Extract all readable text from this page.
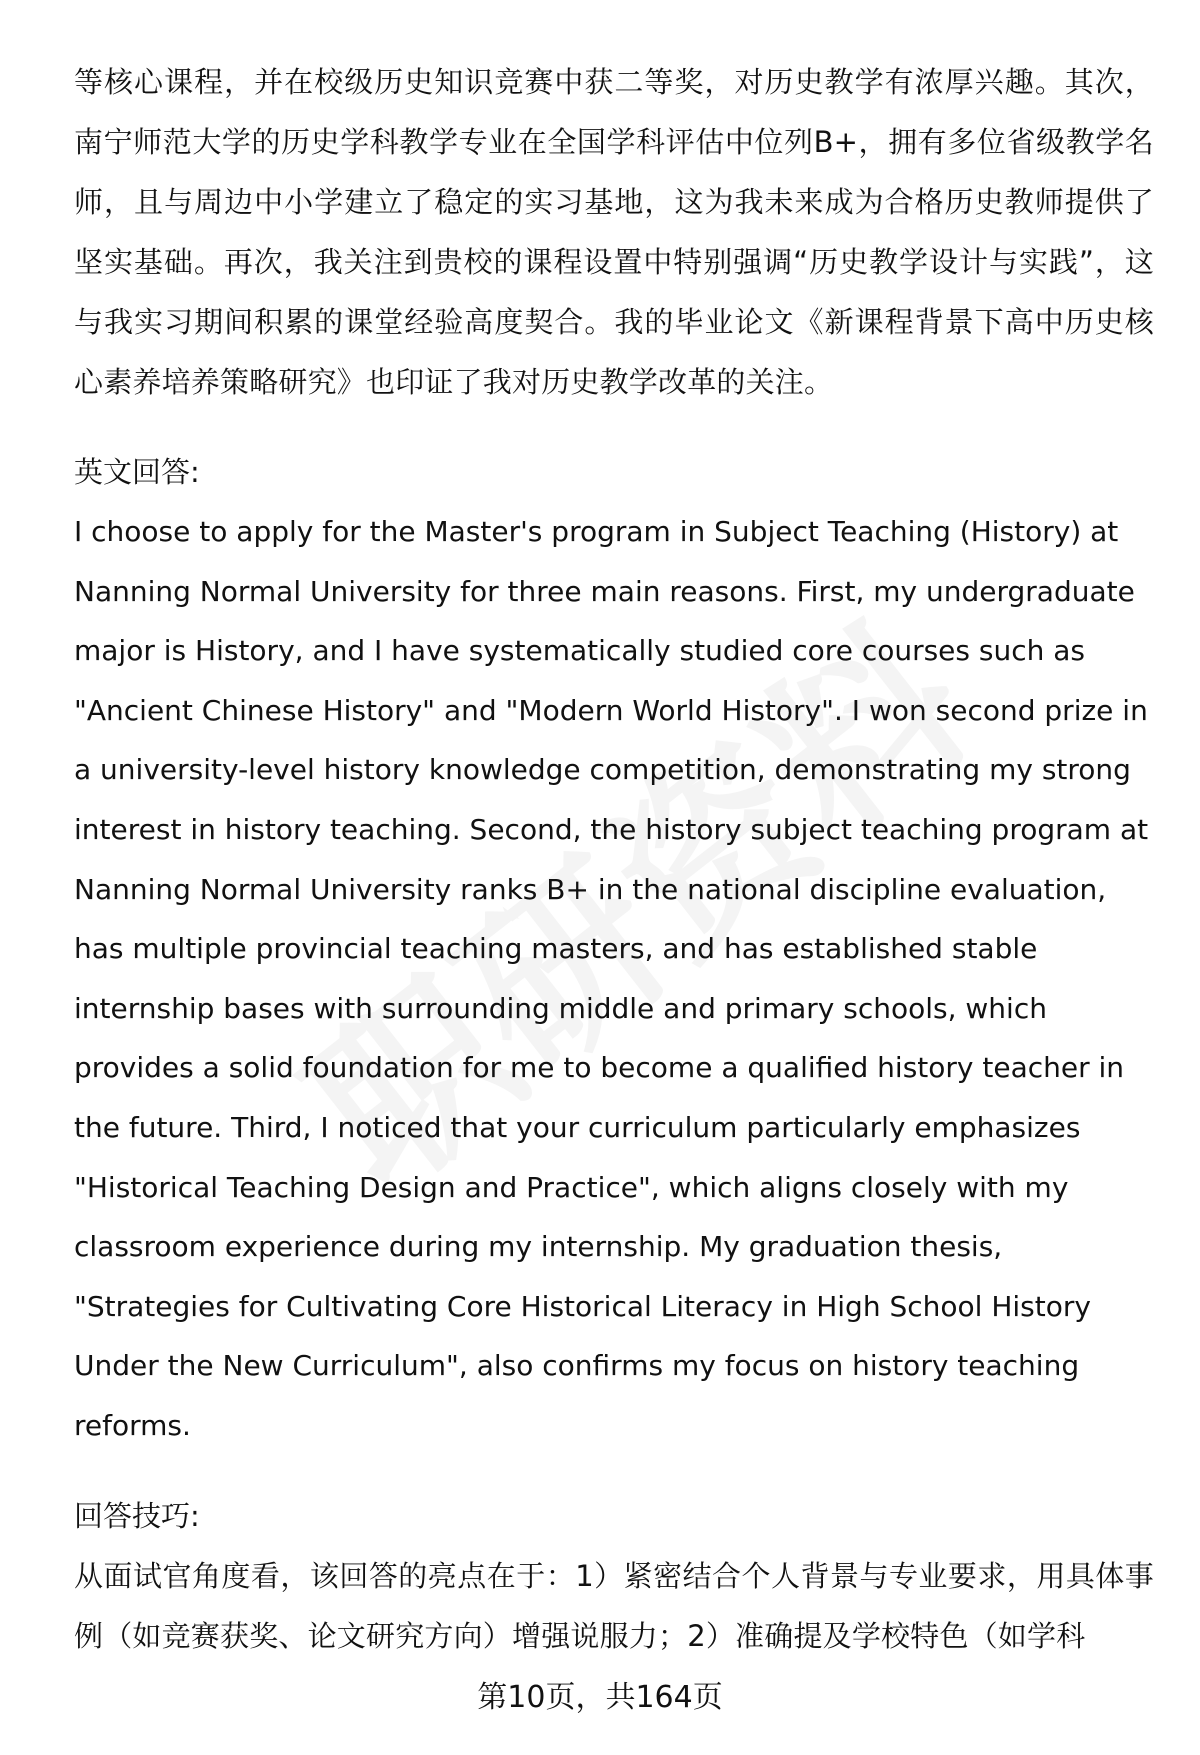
等核心课程，并在校级历史知识竞赛中获二等奖，对历史教学有浓厚兴趣。其次，南宁师范大学的历史学科教学专业在全国学科评估中位列B+，拥有多位省级教学名师，且与周边中小学建立了稳定的实习基地，这为我未来成为合格历史教师提供了坚实基础。再次，我关注到贵校的课程设置中特别强调“历史教学设计与实践”，这与我实习期间积累的课堂经验高度契合。我的毕业论文《新课程背景下高中历史核心素养培养策略研究》也印证了我对历史教学改革的关注。

英文回答:

I choose to apply for the Master's program in Subject Teaching (History) at Nanning Normal University for three main reasons. First, my undergraduate major is History, and I have systematically studied core courses such as "Ancient Chinese History" and "Modern World History". I won second prize in a university-level history knowledge competition, demonstrating my strong interest in history teaching. Second, the history subject teaching program at Nanning Normal University ranks B+ in the national discipline evaluation, has multiple provincial teaching masters, and has established stable internship bases with surrounding middle and primary schools, which provides a solid foundation for me to become a qualified history teacher in the future. Third, I noticed that your curriculum particularly emphasizes "Historical Teaching Design and Practice", which aligns closely with my classroom experience during my internship. My graduation thesis, "Strategies for Cultivating Core Historical Literacy in High School History Under the New Curriculum", also confirms my focus on history teaching reforms.

回答技巧:

从面试官角度看，该回答的亮点在于：1）紧密结合个人背景与专业要求，用具体事例（如竞赛获奖、论文研究方向）增强说服力；2）准确提及学校特色（如学科

第10页，共164页
